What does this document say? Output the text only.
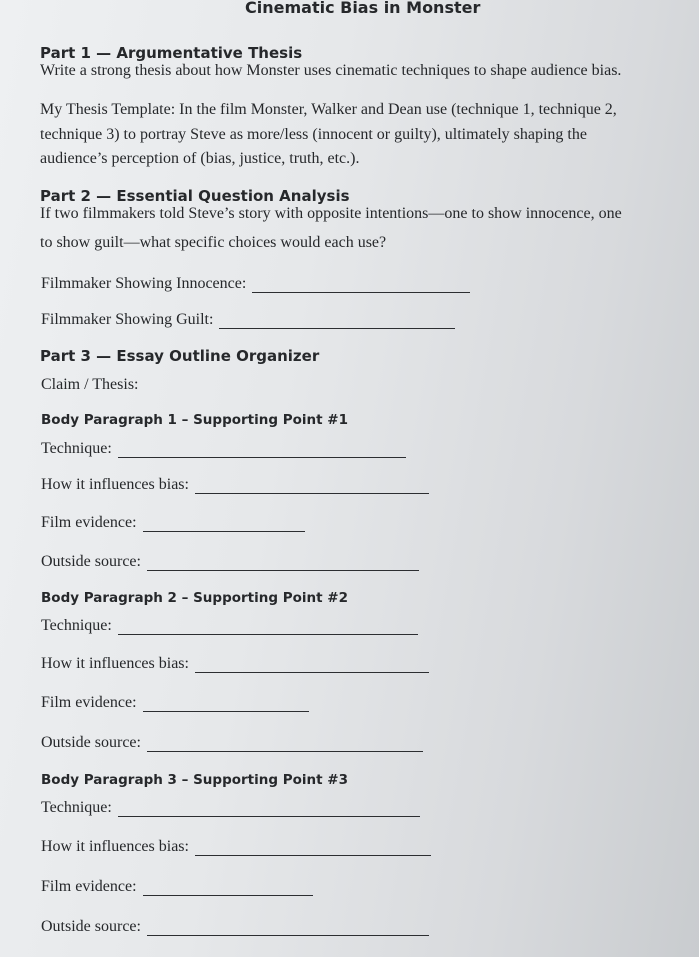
Cinematic Bias in Monster
Part 1 — Argumentative Thesis
Write a strong thesis about how Monster uses cinematic techniques to shape audience bias.
My Thesis Template: In the film Monster, Walker and Dean use (technique 1, technique 2,
technique 3) to portray Steve as more/less (innocent or guilty), ultimately shaping the
audience’s perception of (bias, justice, truth, etc.).
Part 2 — Essential Question Analysis
If two filmmakers told Steve’s story with opposite intentions—one to show innocence, one
to show guilt—what specific choices would each use?
Filmmaker Showing Innocence:
Filmmaker Showing Guilt:
Part 3 — Essay Outline Organizer
Claim / Thesis:
Body Paragraph 1 – Supporting Point #1
Technique:
How it influences bias:
Film evidence:
Outside source:
Body Paragraph 2 – Supporting Point #2
Technique:
How it influences bias:
Film evidence:
Outside source:
Body Paragraph 3 – Supporting Point #3
Technique:
How it influences bias:
Film evidence:
Outside source:
